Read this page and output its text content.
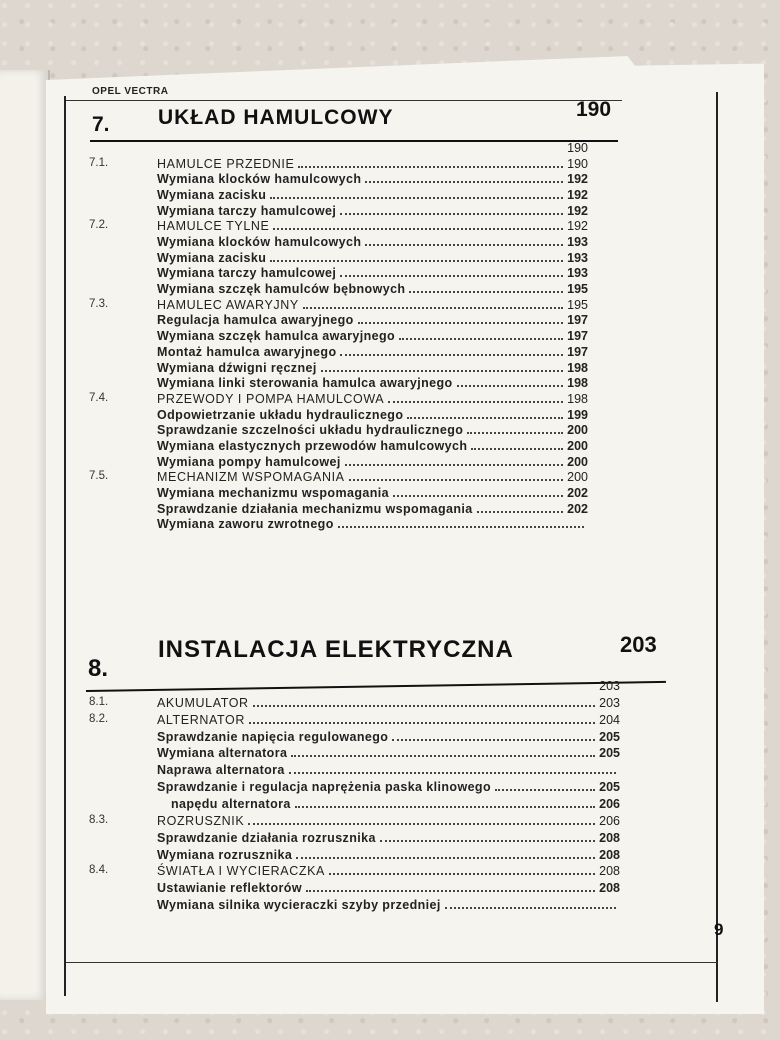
OPEL VECTRA
7. UKŁAD HAMULCOWY	190
190
7.1.	HAMULCE PRZEDNIE	190
Wymiana klocków hamulcowych	192
Wymiana zacisku	192
Wymiana tarczy hamulcowej	192
7.2.	HAMULCE TYLNE	192
Wymiana klocków hamulcowych	193
Wymiana zacisku	193
Wymiana tarczy hamulcowej	193
Wymiana szczęk hamulców bębnowych	195
7.3.	HAMULEC AWARYJNY	195
Regulacja hamulca awaryjnego	197
Wymiana szczęk hamulca awaryjnego	197
Montaż hamulca awaryjnego	197
Wymiana dźwigni ręcznej	198
Wymiana linki sterowania hamulca awaryjnego	198
7.4.	PRZEWODY I POMPA HAMULCOWA	198
Odpowietrzanie układu hydraulicznego	199
Sprawdzanie szczelności układu hydraulicznego	200
Wymiana elastycznych przewodów hamulcowych	200
Wymiana pompy hamulcowej	200
7.5.	MECHANIZM WSPOMAGANIA	200
Wymiana mechanizmu wspomagania	202
Sprawdzanie działania mechanizmu wspomagania	202
Wymiana zaworu zwrotnego
8.
INSTALACJA ELEKTRYCZNA	203
203
8.1.	AKUMULATOR	203
8.2.	ALTERNATOR	204
Sprawdzanie napięcia regulowanego	205
Wymiana alternatora	205
Naprawa alternatora
Sprawdzanie i regulacja naprężenia paska klinowego	205
napędu alternatora	206
8.3.	ROZRUSZNIK	206
Sprawdzanie działania rozrusznika	208
Wymiana rozrusznika	208
8.4.	ŚWIATŁA I WYCIERACZKA	208
Ustawianie reflektorów	208
Wymiana silnika wycieraczki szyby przedniej
9
